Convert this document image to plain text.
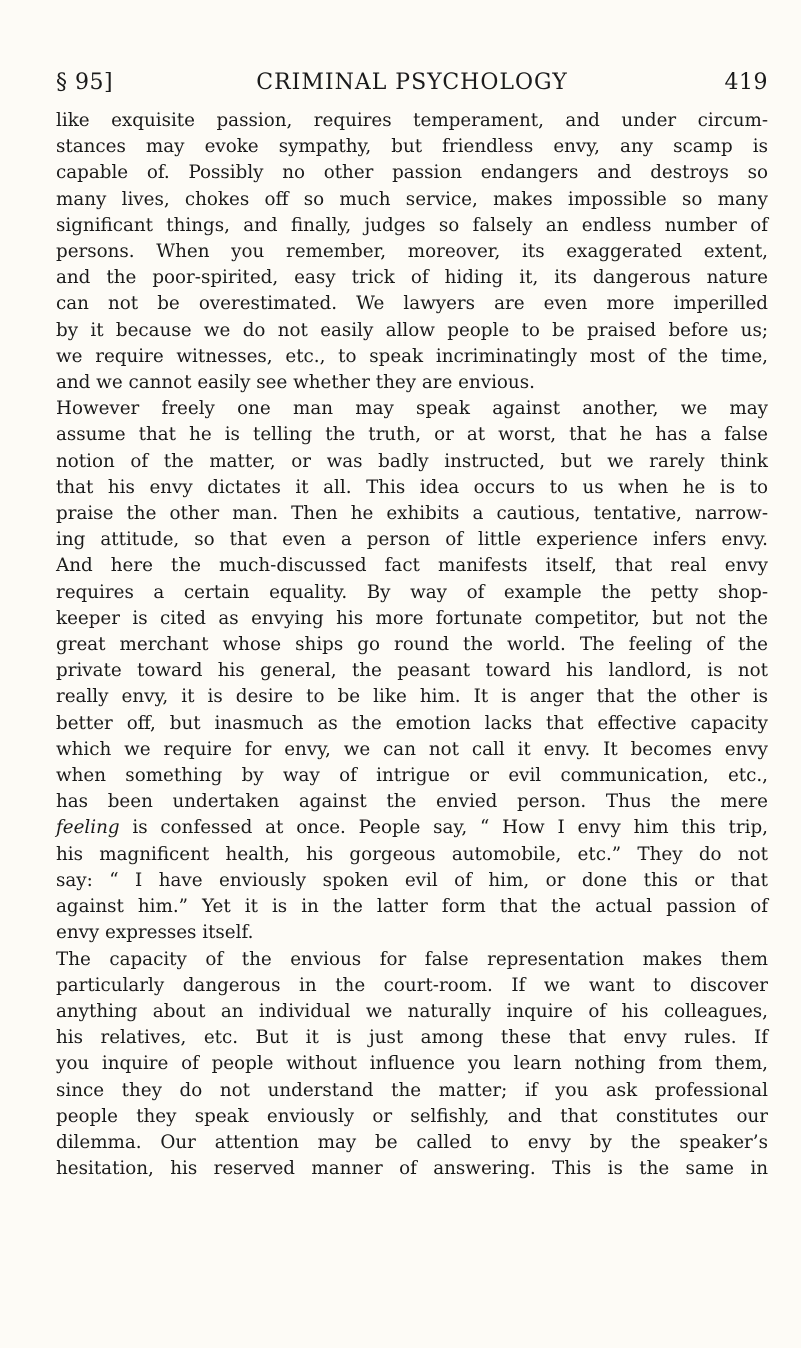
§ 95]	CRIMINAL PSYCHOLOGY	419

like exquisite passion, requires temperament, and under circum-
stances may evoke sympathy, but friendless envy, any scamp is
capable of. Possibly no other passion endangers and destroys so
many lives, chokes off so much service, makes impossible so many
significant things, and finally, judges so falsely an endless number of
persons. When you remember, moreover, its exaggerated extent,
and the poor-spirited, easy trick of hiding it, its dangerous nature
can not be overestimated. We lawyers are even more imperilled
by it because we do not easily allow people to be praised before us;
we require witnesses, etc., to speak incriminatingly most of the time,
and we cannot easily see whether they are envious.

However freely one man may speak against another, we may
assume that he is telling the truth, or at worst, that he has a false
notion of the matter, or was badly instructed, but we rarely think
that his envy dictates it all. This idea occurs to us when he is to
praise the other man. Then he exhibits a cautious, tentative, narrow-
ing attitude, so that even a person of little experience infers envy.
And here the much-discussed fact manifests itself, that real envy
requires a certain equality. By way of example the petty shop-
keeper is cited as envying his more fortunate competitor, but not the
great merchant whose ships go round the world. The feeling of the
private toward his general, the peasant toward his landlord, is not
really envy, it is desire to be like him. It is anger that the other is
better off, but inasmuch as the emotion lacks that effective capacity
which we require for envy, we can not call it envy. It becomes envy
when something by way of intrigue or evil communication, etc.,
has been undertaken against the envied person. Thus the mere
feeling is confessed at once. People say, “ How I envy him this trip,
his magnificent health, his gorgeous automobile, etc.” They do not
say: “ I have enviously spoken evil of him, or done this or that
against him.” Yet it is in the latter form that the actual passion of
envy expresses itself.

The capacity of the envious for false representation makes them
particularly dangerous in the court-room. If we want to discover
anything about an individual we naturally inquire of his colleagues,
his relatives, etc. But it is just among these that envy rules. If
you inquire of people without influence you learn nothing from them,
since they do not understand the matter; if you ask professional
people they speak enviously or selfishly, and that constitutes our
dilemma. Our attention may be called to envy by the speaker’s
hesitation, his reserved manner of answering. This is the same in
